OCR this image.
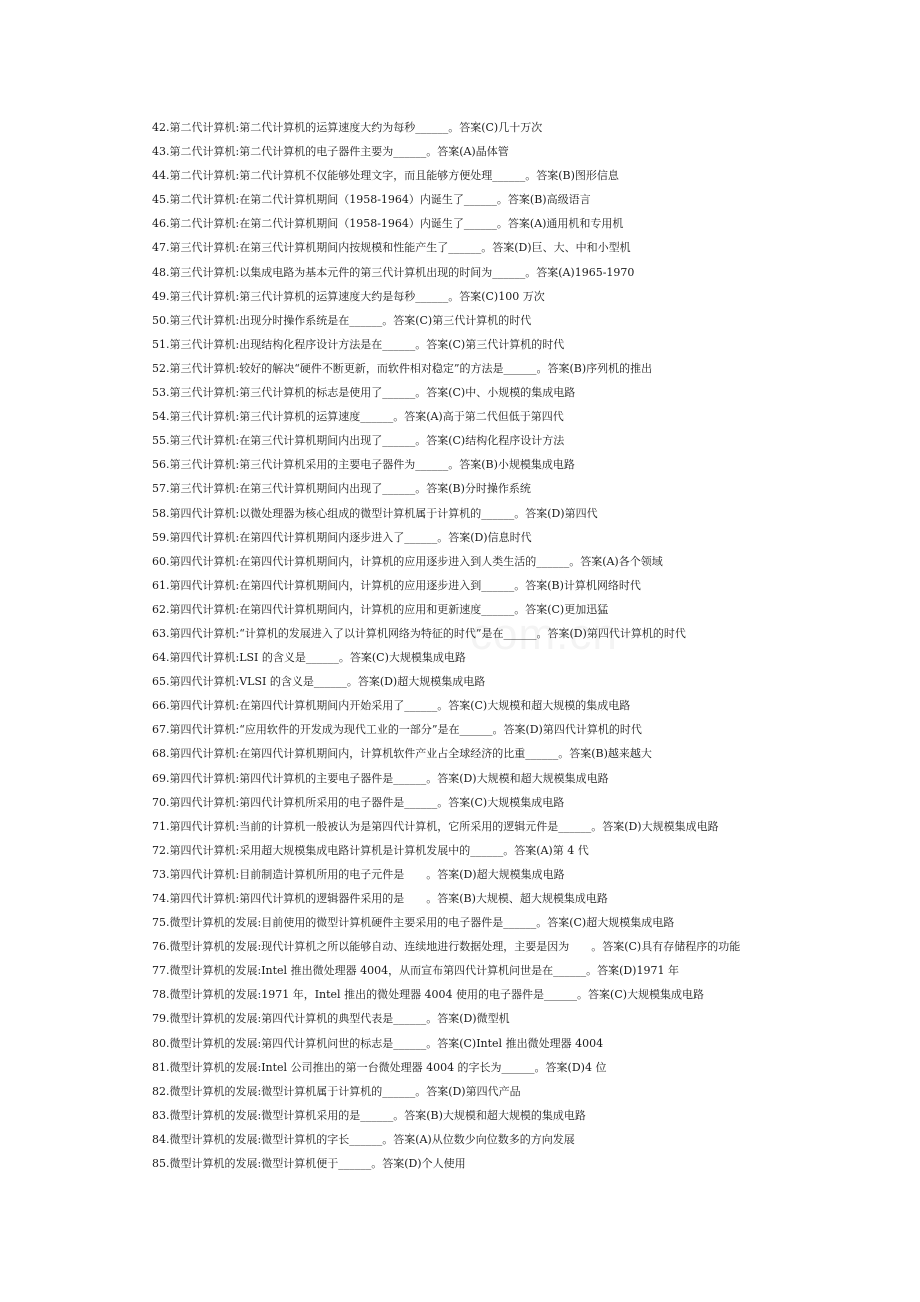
42.第二代计算机:第二代计算机的运算速度大约为每秒______。答案(C)几十万次
43.第二代计算机:第二代计算机的电子器件主要为______。答案(A)晶体管
44.第二代计算机:第二代计算机不仅能够处理文字，而且能够方便处理______。答案(B)图形信息
45.第二代计算机:在第二代计算机期间（1958-1964）内诞生了______。答案(B)高级语言
46.第二代计算机:在第二代计算机期间（1958-1964）内诞生了______。答案(A)通用机和专用机
47.第三代计算机:在第三代计算机期间内按规模和性能产生了______。答案(D)巨、大、中和小型机
48.第三代计算机:以集成电路为基本元件的第三代计算机出现的时间为______。答案(A)1965-1970
49.第三代计算机:第三代计算机的运算速度大约是每秒______。答案(C)100 万次
50.第三代计算机:出现分时操作系统是在______。答案(C)第三代计算机的时代
51.第三代计算机:出现结构化程序设计方法是在______。答案(C)第三代计算机的时代
52.第三代计算机:较好的解决“硬件不断更新，而软件相对稳定”的方法是______。答案(B)序列机的推出
53.第三代计算机:第三代计算机的标志是使用了______。答案(C)中、小规模的集成电路
54.第三代计算机:第三代计算机的运算速度______。答案(A)高于第二代但低于第四代
55.第三代计算机:在第三代计算机期间内出现了______。答案(C)结构化程序设计方法
56.第三代计算机:第三代计算机采用的主要电子器件为______。答案(B)小规模集成电路
57.第三代计算机:在第三代计算机期间内出现了______。答案(B)分时操作系统
58.第四代计算机:以微处理器为核心组成的微型计算机属于计算机的______。答案(D)第四代
59.第四代计算机:在第四代计算机期间内逐步进入了______。答案(D)信息时代
60.第四代计算机:在第四代计算机期间内，计算机的应用逐步进入到人类生活的______。答案(A)各个领域
61.第四代计算机:在第四代计算机期间内，计算机的应用逐步进入到______。答案(B)计算机网络时代
62.第四代计算机:在第四代计算机期间内，计算机的应用和更新速度______。答案(C)更加迅猛
63.第四代计算机:“计算机的发展进入了以计算机网络为特征的时代”是在______。答案(D)第四代计算机的时代
64.第四代计算机:LSI 的含义是______。答案(C)大规模集成电路
65.第四代计算机:VLSI 的含义是______。答案(D)超大规模集成电路
66.第四代计算机:在第四代计算机期间内开始采用了______。答案(C)大规模和超大规模的集成电路
67.第四代计算机:“应用软件的开发成为现代工业的一部分”是在______。答案(D)第四代计算机的时代
68.第四代计算机:在第四代计算机期间内，计算机软件产业占全球经济的比重______。答案(B)越来越大
69.第四代计算机:第四代计算机的主要电子器件是______。答案(D)大规模和超大规模集成电路
70.第四代计算机:第四代计算机所采用的电子器件是______。答案(C)大规模集成电路
71.第四代计算机:当前的计算机一般被认为是第四代计算机，它所采用的逻辑元件是______。答案(D)大规模集成电路
72.第四代计算机:采用超大规模集成电路计算机是计算机发展中的______。答案(A)第 4 代
73.第四代计算机:目前制造计算机所用的电子元件是　　。答案(D)超大规模集成电路
74.第四代计算机:第四代计算机的逻辑器件采用的是　　。答案(B)大规模、超大规模集成电路
75.微型计算机的发展:目前使用的微型计算机硬件主要采用的电子器件是______。答案(C)超大规模集成电路
76.微型计算机的发展:现代计算机之所以能够自动、连续地进行数据处理，主要是因为　　。答案(C)具有存储程序的功能
77.微型计算机的发展:Intel 推出微处理器 4004，从而宣布第四代计算机问世是在______。答案(D)1971 年
78.微型计算机的发展:1971 年，Intel 推出的微处理器 4004 使用的电子器件是______。答案(C)大规模集成电路
79.微型计算机的发展:第四代计算机的典型代表是______。答案(D)微型机
80.微型计算机的发展:第四代计算机问世的标志是______。答案(C)Intel 推出微处理器 4004
81.微型计算机的发展:Intel 公司推出的第一台微处理器 4004 的字长为______。答案(D)4 位
82.微型计算机的发展:微型计算机属于计算机的______。答案(D)第四代产品
83.微型计算机的发展:微型计算机采用的是______。答案(B)大规模和超大规模的集成电路
84.微型计算机的发展:微型计算机的字长______。答案(A)从位数少向位数多的方向发展
85.微型计算机的发展:微型计算机便于______。答案(D)个人使用
